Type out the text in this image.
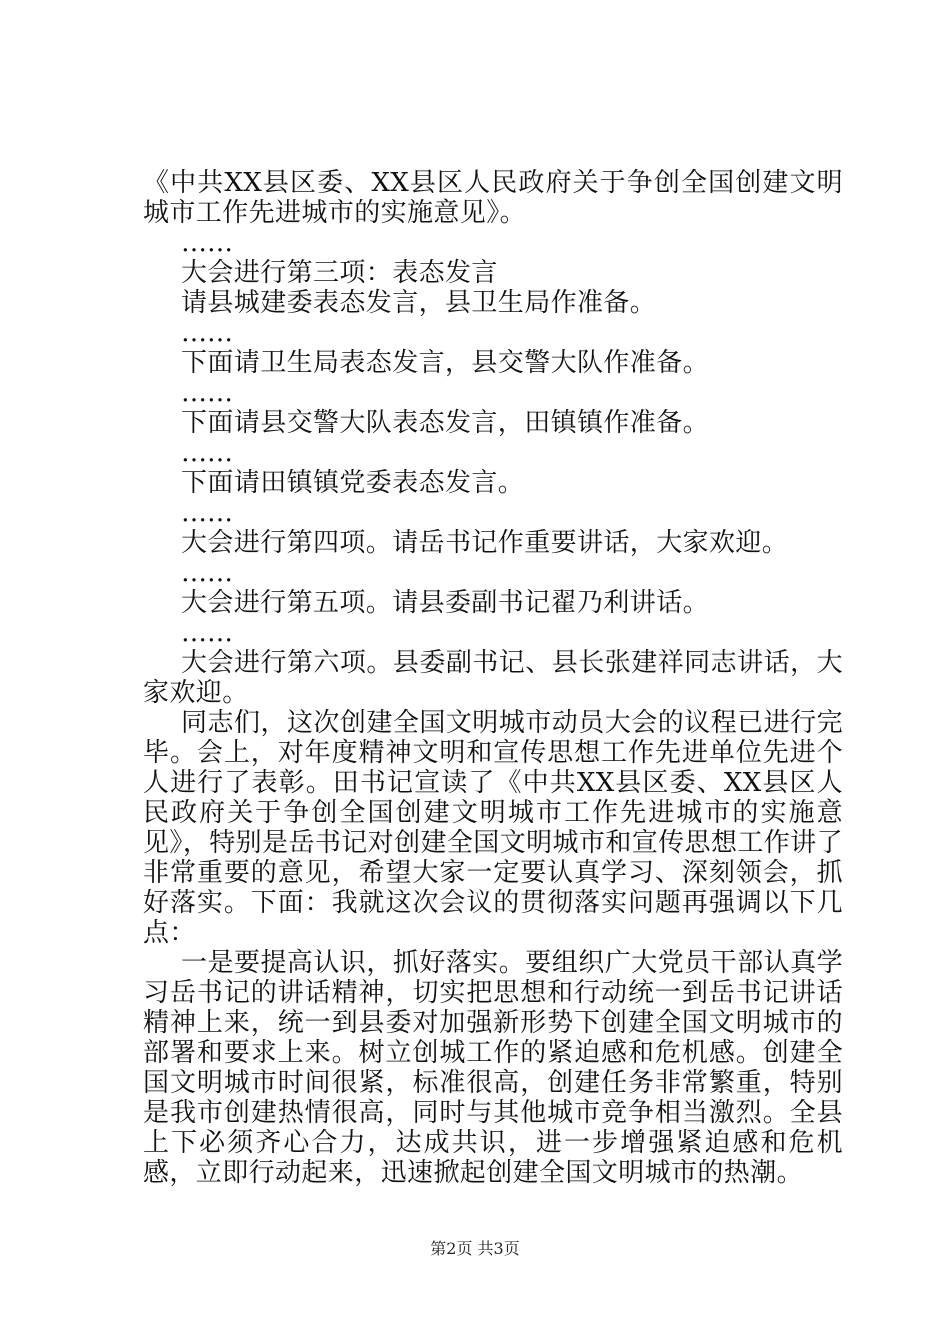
《中共XX县区委、XX县区人民政府关于争创全国创建文明城市工作先进城市的实施意见》。

……

大会进行第三项：表态发言

请县城建委表态发言，县卫生局作准备。

……

下面请卫生局表态发言，县交警大队作准备。

……

下面请县交警大队表态发言，田镇镇作准备。

……

下面请田镇镇党委表态发言。

……

大会进行第四项。请岳书记作重要讲话，大家欢迎。

……

大会进行第五项。请县委副书记翟乃利讲话。

……

大会进行第六项。县委副书记、县长张建祥同志讲话，大家欢迎。

同志们，这次创建全国文明城市动员大会的议程已进行完毕。会上，对年度精神文明和宣传思想工作先进单位先进个人进行了表彰。田书记宣读了《中共XX县区委、XX县区人民政府关于争创全国创建文明城市工作先进城市的实施意见》，特别是岳书记对创建全国文明城市和宣传思想工作讲了非常重要的意见，希望大家一定要认真学习、深刻领会，抓好落实。下面：我就这次会议的贯彻落实问题再强调以下几点：

一是要提高认识，抓好落实。要组织广大党员干部认真学习岳书记的讲话精神，切实把思想和行动统一到岳书记讲话精神上来，统一到县委对加强新形势下创建全国文明城市的部署和要求上来。树立创城工作的紧迫感和危机感。创建全国文明城市时间很紧，标准很高，创建任务非常繁重，特别是我市创建热情很高，同时与其他城市竞争相当激烈。全县上下必须齐心合力，达成共识，进一步增强紧迫感和危机感，立即行动起来，迅速掀起创建全国文明城市的热潮。

第2页 共3页
